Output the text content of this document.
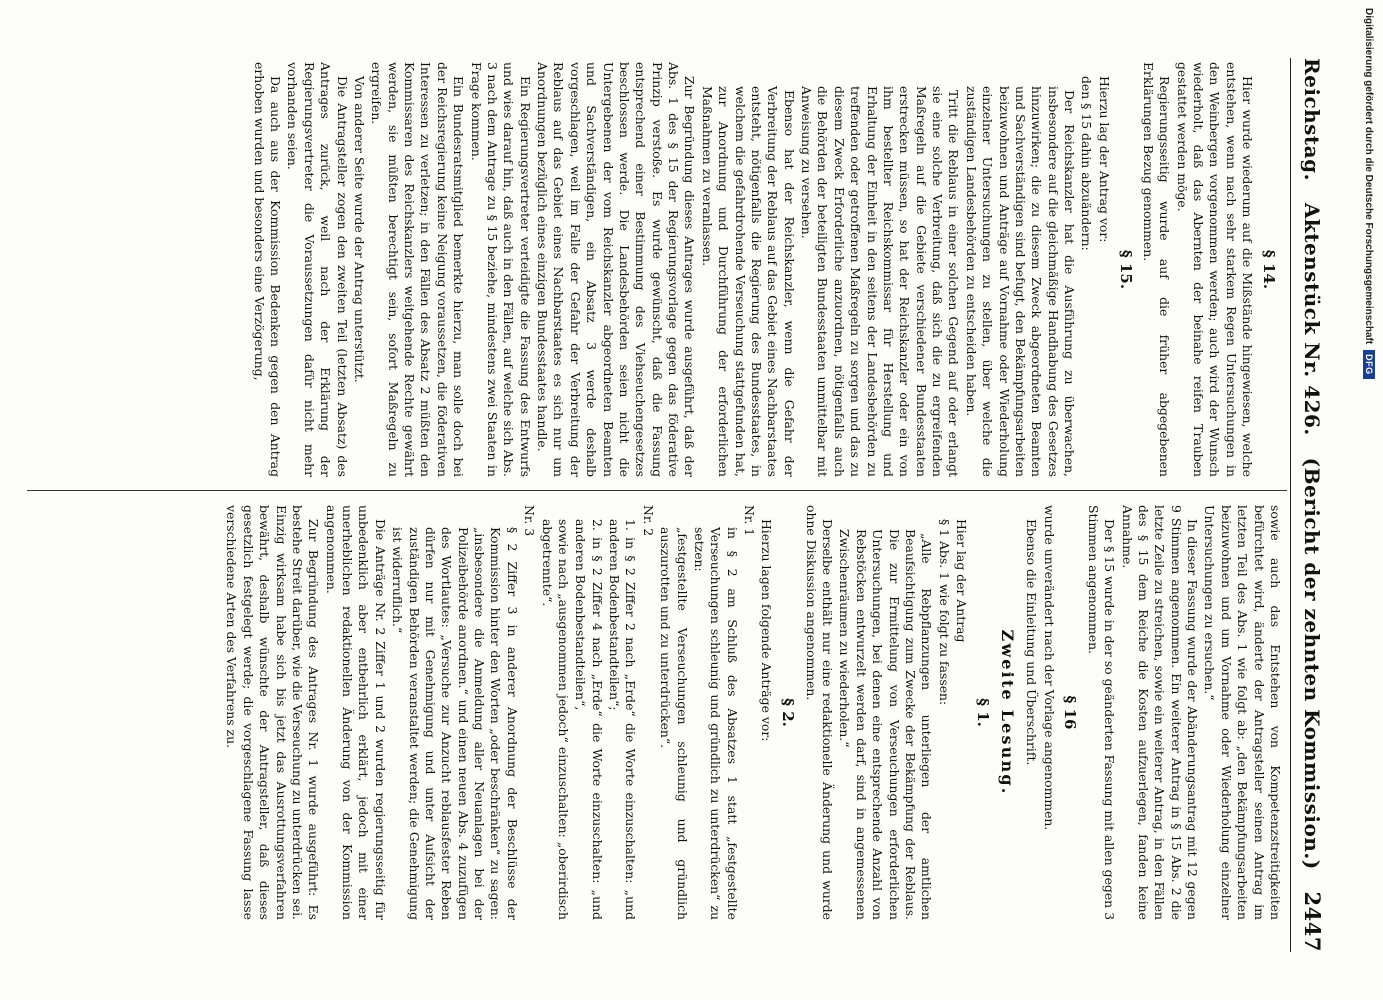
Reichstag.
Aktenstück Nr. 426.
(Bericht der zehnten Kommission.)
2447
§ 14.

Hier wurde wiederum auf die Mißstände hingewiesen, welche entstehen, wenn nach sehr starkem Regen Untersuchungen in den Weinbergen vorgenommen werden; auch wird der Wunsch wiederholt, daß das Abernten der beinahe reifen Trauben gestattet werden möge.

Regierungsseitig wurde auf die früher abgegebenen Erklärungen Bezug genommen.

§ 15.

Hierzu lag der Antrag vor:

den § 15 dahin abzuändern:

Der Reichskanzler hat die Ausführung zu überwachen, insbesondere auf die gleichmäßige Handhabung des Gesetzes hinzuwirken; die zu diesem Zweck abgeordneten Beamten und Sachverständigen sind befugt, den Bekämpfungsarbeiten beizuwohnen und Anträge auf Vornahme oder Wiederholung einzelner Untersuchungen zu stellen, über welche die zuständigen Landesbehörden zu entscheiden haben.

Tritt die Reblaus in einer solchen Gegend auf oder erlangt sie eine solche Verbreitung, daß sich die zu ergreifenden Maßregeln auf die Gebiete verschiedener Bundesstaaten erstrecken müssen, so hat der Reichskanzler oder ein von ihm bestellter Reichskommissar für Herstellung und Erhaltung der Einheit in den seitens der Landesbehörden zu treffenden oder getroffenen Maßregeln zu sorgen und das zu diesem Zweck Erforderliche anzuordnen, nötigenfalls auch die Behörden der beteiligten Bundesstaaten unmittelbar mit Anweisung zu versehen.

Ebenso hat der Reichskanzler, wenn die Gefahr der Verbreitung der Reblaus auf das Gebiet eines Nachbarstaates entsteht, nötigenfalls die Regierung des Bundesstaates, in welchem die gefahrdrohende Verseuchung stattgefunden hat, zur Anordnung und Durchführung der erforderlichen Maßnahmen zu veranlassen.

Zur Begründung dieses Antrages wurde ausgeführt, daß der Abs. 1 des § 15 der Regierungsvorlage gegen das föderative Prinzip verstoße. Es wurde gewünscht, daß die Fassung entsprechend einer Bestimmung des Viehseuchengesetzes beschlossen werde. Die Landesbehörden seien nicht die Untergebenen der vom Reichskanzler abgeordneten Beamten und Sachverständigen, ein Absatz 3 werde deshalb vorgeschlagen, weil im Falle der Gefahr der Verbreitung der Reblaus auf das Gebiet eines Nachbarstaates es sich nur um Anordnungen bezüglich eines einzigen Bundesstaates handle.

Ein Regierungsvertreter verteidigte die Fassung des Entwurfs und wies darauf hin, daß auch in den Fällen, auf welche sich Abs. 3 nach dem Antrage zu § 15 beziehe, mindestens zwei Staaten in Frage kommen.

Ein Bundesratsmitglied bemerkte hierzu, man solle doch bei der Reichsregierung keine Neigung voraussetzen, die föderativen Interessen zu verletzen; in den Fällen des Absatz 2 müßten den Kommissaren des Reichskanzlers weitgehende Rechte gewährt werden, sie müßten berechtigt sein, sofort Maßregeln zu ergreifen.

Von anderer Seite wurde der Antrag unterstützt.

Die Antragsteller zogen den zweiten Teil (letzten Absatz) des Antrages zurück, weil nach der Erklärung der Regierungsvertreter die Voraussetzungen dafür nicht mehr vorhanden seien.

Da auch aus der Kommission Bedenken gegen den Antrag erhoben wurden und besonders eine Verzögerung,

sowie auch das Entstehen von Kompetenzstreitigkeiten befürchtet wird, änderte der Antragsteller seinen Antrag im letzten Teil des Abs. 1 wie folgt ab: „den Bekämpfungsarbeiten beizuwohnen und um Vornahme oder Wiederholung einzelner Untersuchungen zu ersuchen.“

In dieser Fassung wurde der Abänderungsantrag mit 12 gegen 9 Stimmen angenommen. Ein weiterer Antrag in § 15 Abs. 2 die letzte Zeile zu streichen, sowie ein weiterer Antrag, in den Fällen des § 15 dem Reiche die Kosten aufzuerlegen, fanden keine Annahme.

Der § 15 wurde in der so geänderten Fassung mit allen gegen 3 Stimmen angenommen.

§ 16

wurde unverändert nach der Vorlage angenommen.

Ebenso die Einleitung und Überschrift.

Zweite Lesung.
§ 1.

Hier lag der Antrag

§ 1 Abs. 1 wie folgt zu fassen:

„Alle Rebpflanzungen unterliegen der amtlichen Beaufsichtigung zum Zwecke der Bekämpfung der Reblaus. Die zur Ermittelung von Verseuchungen erforderlichen Untersuchungen, bei denen eine entsprechende Anzahl von Rebstöcken entwurzelt werden darf, sind in angemessenen Zwischenräumen zu wiederholen.“

Derselbe enthält nur eine redaktionelle Änderung und wurde ohne Diskussion angenommen.

§ 2.

Hierzu lagen folgende Anträge vor:

Nr. 1

in § 2 am Schluß des Absatzes 1 statt „festgestellte Verseuchungen schleunig und gründlich zu unterdrücken“ zu setzen:

„festgestellte Verseuchungen schleunig und gründlich auszurotten und zu unterdrücken“.

Nr. 2

1. in § 2 Ziffer 2 nach „Erde“ die Worte einzuschalten: „und anderen Bodenbestandteilen“;

2. in § 2 Ziffer 4 nach „Erde“ die Worte einzuschalten: „und anderen Bodenbestandteilen“,

sowie nach „ausgenommen jedoch“ einzuschalten: „oberirdisch abgetrennte“.

Nr. 3

§ 2 Ziffer 3 in anderer Anordnung der Beschlüsse der Kommission hinter den Worten „oder beschränken“ zu sagen: „insbesondere die Anmeldung aller Neuanlagen bei der Polizeibehörde anordnen.“ und einen neuen Abs. 4 zuzufügen des Wortlautes: „Versuche zur Anzucht reblausfester Reben dürfen nur mit Genehmigung und unter Aufsicht der zuständigen Behörden veranstaltet werden; die Genehmigung ist widerruflich.“

Die Anträge Nr. 2 Ziffer 1 und 2 wurden regierungsseitig für unbedenklich aber entbehrlich erklärt, jedoch mit einer unerheblichen redaktionellen Änderung von der Kommission angenommen.

Zur Begründung des Antrages Nr. 1 wurde ausgeführt: Es bestehe Streit darüber, wie die Verseuchung zu unterdrücken sei. Einzig wirksam habe sich bis jetzt das Ausrottungsverfahren bewährt, deshalb wünschte der Antragsteller, daß dieses gesetzlich festgelegt werde; die vorgeschlagene Fassung lasse verschiedene Arten des Verfahrens zu.

Digitalisierung gefördert durch die Deutsche Forschungsgemeinschaft
DFG
